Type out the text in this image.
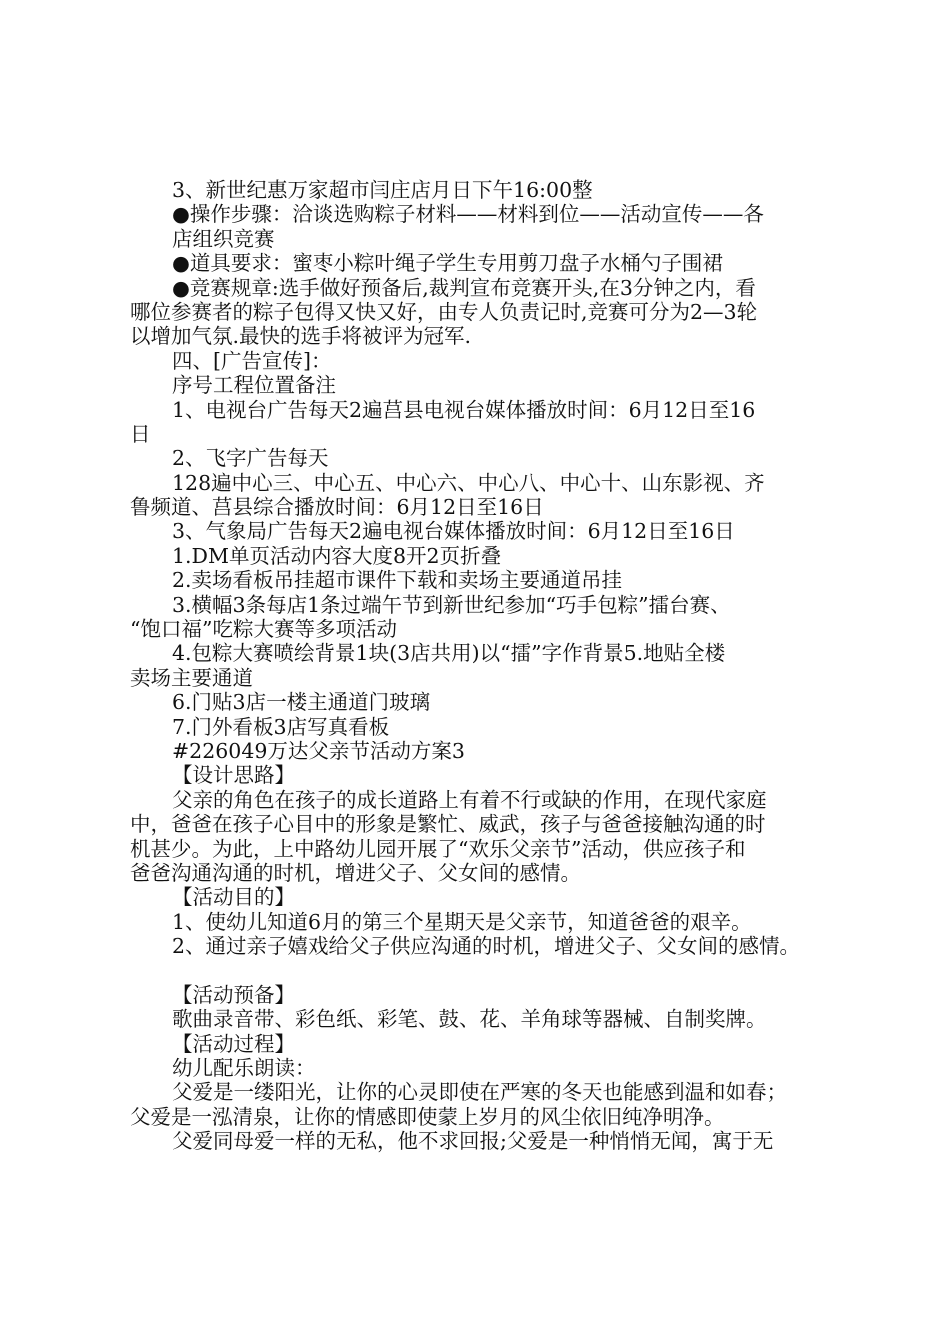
3、新世纪惠万家超市闫庄店月日下午16:00整
●操作步骤：洽谈选购粽子材料——材料到位——活动宣传——各
店组织竞赛
●道具要求：蜜枣小粽叶绳子学生专用剪刀盘子水桶勺子围裙
●竞赛规章:选手做好预备后,裁判宣布竞赛开头,在3分钟之内，看
哪位参赛者的粽子包得又快又好，由专人负责记时,竞赛可分为2—3轮
以增加气氛.最快的选手将被评为冠军.
四、[广告宣传]：
序号工程位置备注
1、电视台广告每天2遍莒县电视台媒体播放时间：6月12日至16
日
2、飞字广告每天
128遍中心三、中心五、中心六、中心八、中心十、山东影视、齐
鲁频道、莒县综合播放时间：6月12日至16日
3、气象局广告每天2遍电视台媒体播放时间：6月12日至16日
1.DM单页活动内容大度8开2页折叠
2.卖场看板吊挂超市课件下载和卖场主要通道吊挂
3.横幅3条每店1条过端午节到新世纪参加“巧手包粽”擂台赛、
“饱口福”吃粽大赛等多项活动
4.包粽大赛喷绘背景1块(3店共用)以“擂”字作背景5.地贴全楼
卖场主要通道
6.门贴3店一楼主通道门玻璃
7.门外看板3店写真看板
#226049万达父亲节活动方案3
【设计思路】
父亲的角色在孩子的成长道路上有着不行或缺的作用，在现代家庭
中，爸爸在孩子心目中的形象是繁忙、威武，孩子与爸爸接触沟通的时
机甚少。为此，上中路幼儿园开展了“欢乐父亲节”活动，供应孩子和
爸爸沟通沟通的时机，增进父子、父女间的感情。
【活动目的】
1、使幼儿知道6月的第三个星期天是父亲节，知道爸爸的艰辛。
2、通过亲子嬉戏给父子供应沟通的时机，增进父子、父女间的感情。
【活动预备】
歌曲录音带、彩色纸、彩笔、鼓、花、羊角球等器械、自制奖牌。
【活动过程】
幼儿配乐朗读：
父爱是一缕阳光，让你的心灵即使在严寒的冬天也能感到温和如春；
父爱是一泓清泉，让你的情感即使蒙上岁月的风尘依旧纯净明净。
父爱同母爱一样的无私，他不求回报;父爱是一种悄悄无闻，寓于无
